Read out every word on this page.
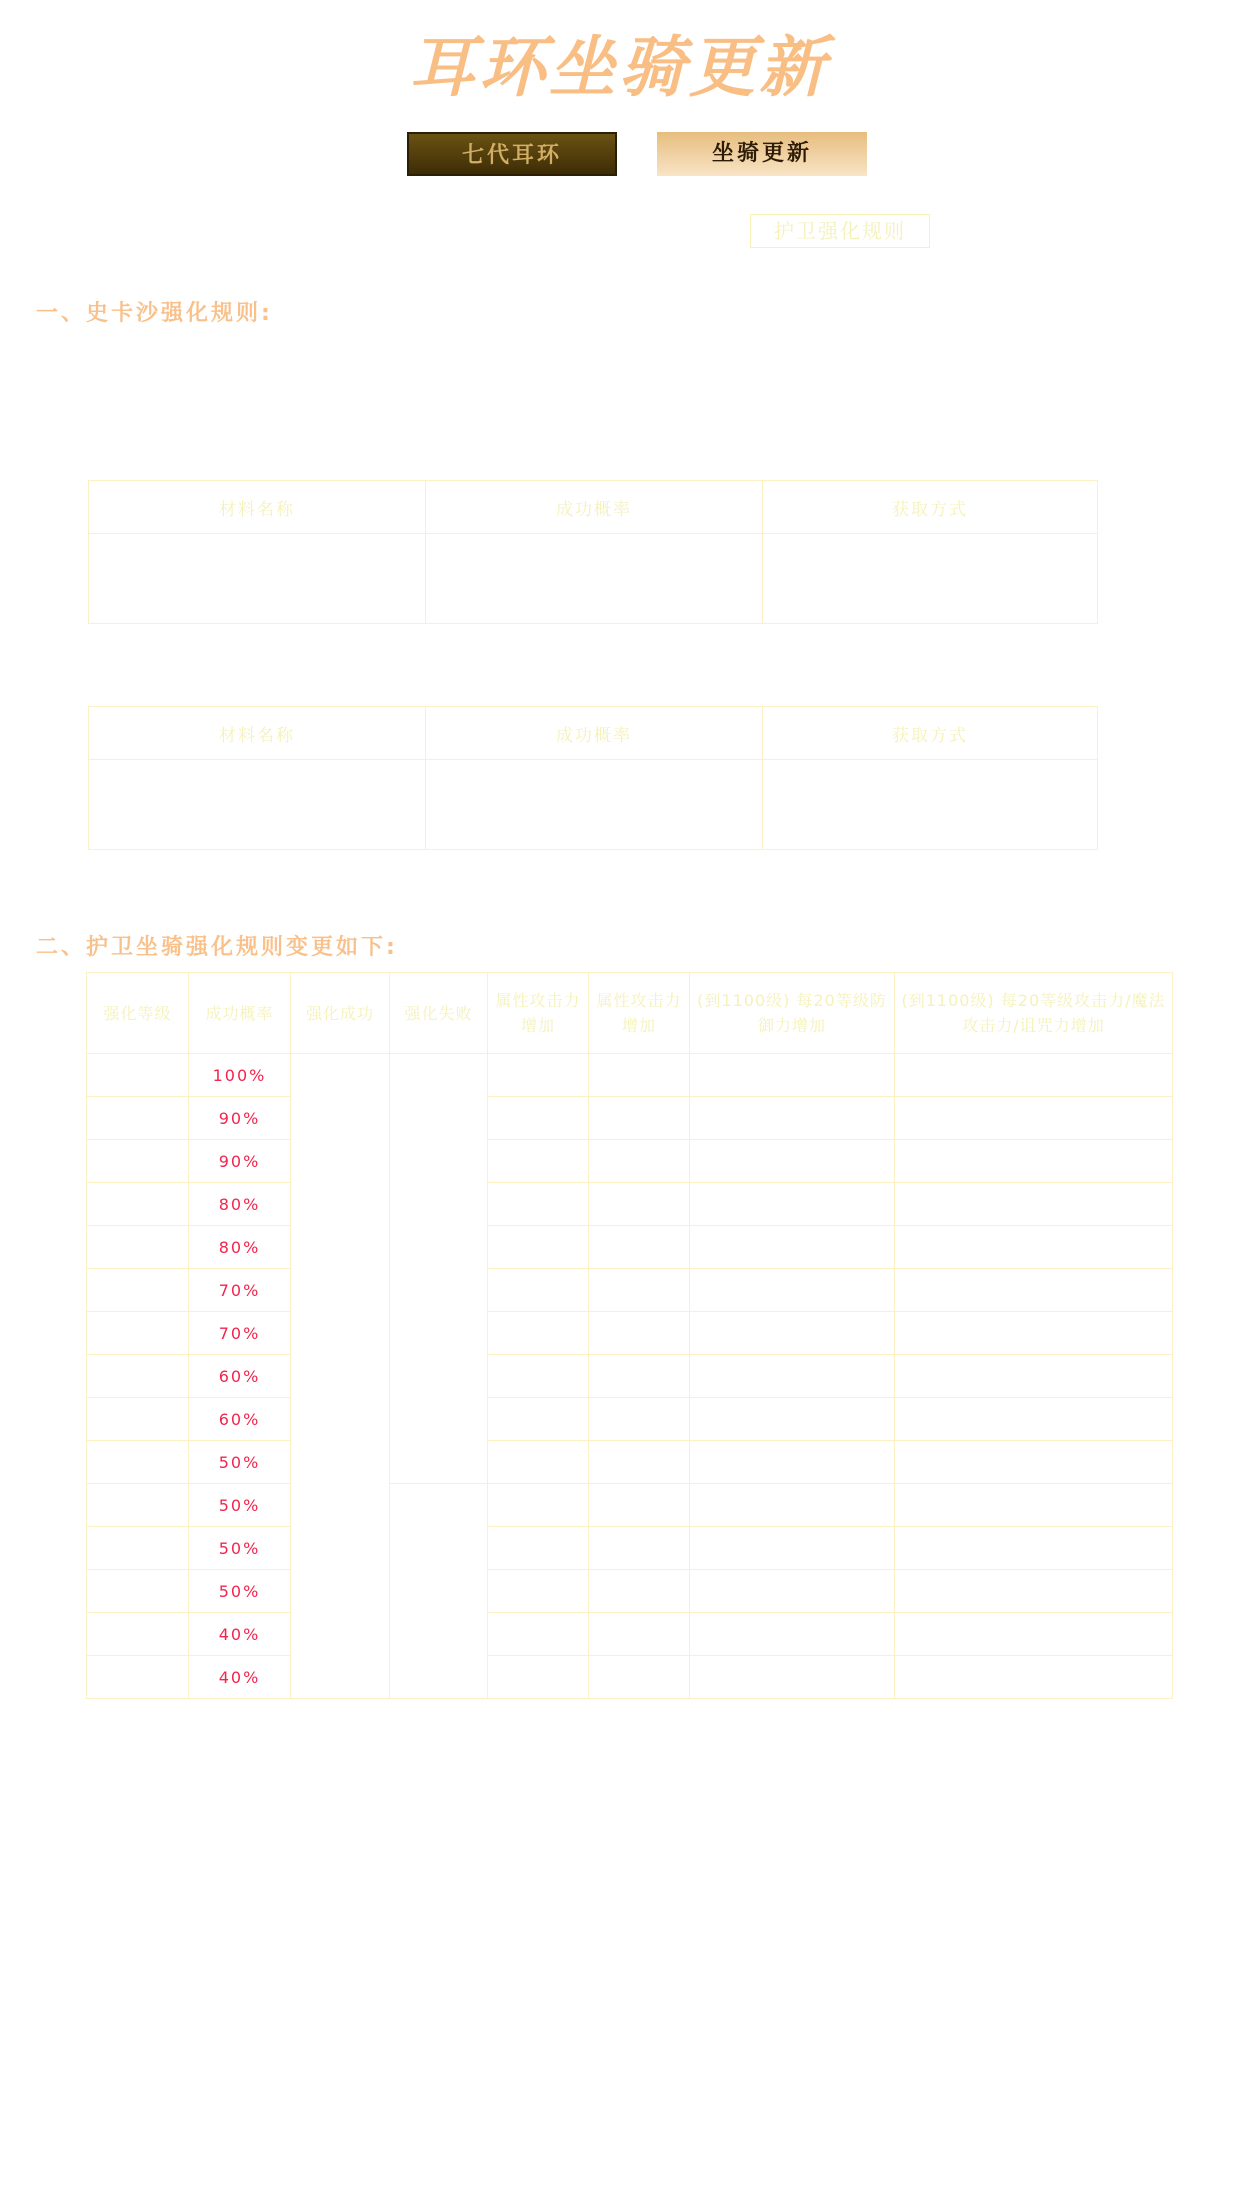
耳环坐骑更新
七代耳环	坐骑更新
护卫强化规则
一、史卡沙强化规则:
材料名称	成功概率	获取方式

材料名称	成功概率	获取方式

二、护卫坐骑强化规则变更如下:
强化等级	成功概率	强化成功	强化失败	属性攻击力增加	属性攻击力增加	(到1100级) 每20等级防御力增加	(到1100级) 每20等级攻击力/魔法攻击力/诅咒力增加
	100%						
	90%						
	90%						
	80%						
	80%						
	70%						
	70%						
	60%						
	60%						
	50%						
	50%						
	50%						
	50%						
	40%						
	40%						
